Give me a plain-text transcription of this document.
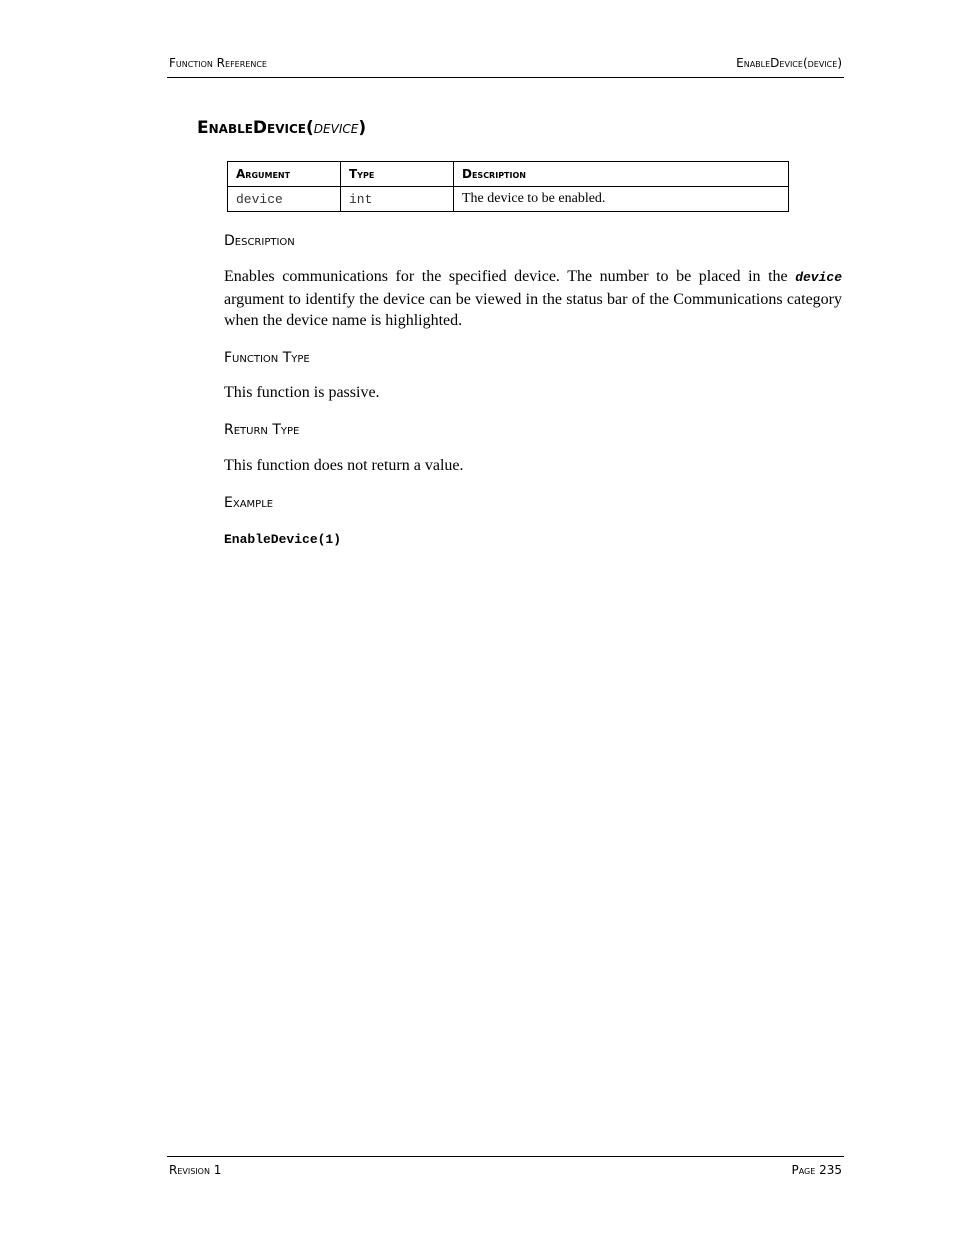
Function Reference	EnableDevice(device)
EnableDevice(device)
Argument	Type	Description
device	int	The device to be enabled.
Description
Enables communications for the specified device. The number to be placed in the device argument to identify the device can be viewed in the status bar of the Communications category when the device name is highlighted.
Function Type
This function is passive.
Return Type
This function does not return a value.
Example
EnableDevice(1)
Revision 1	Page 235
